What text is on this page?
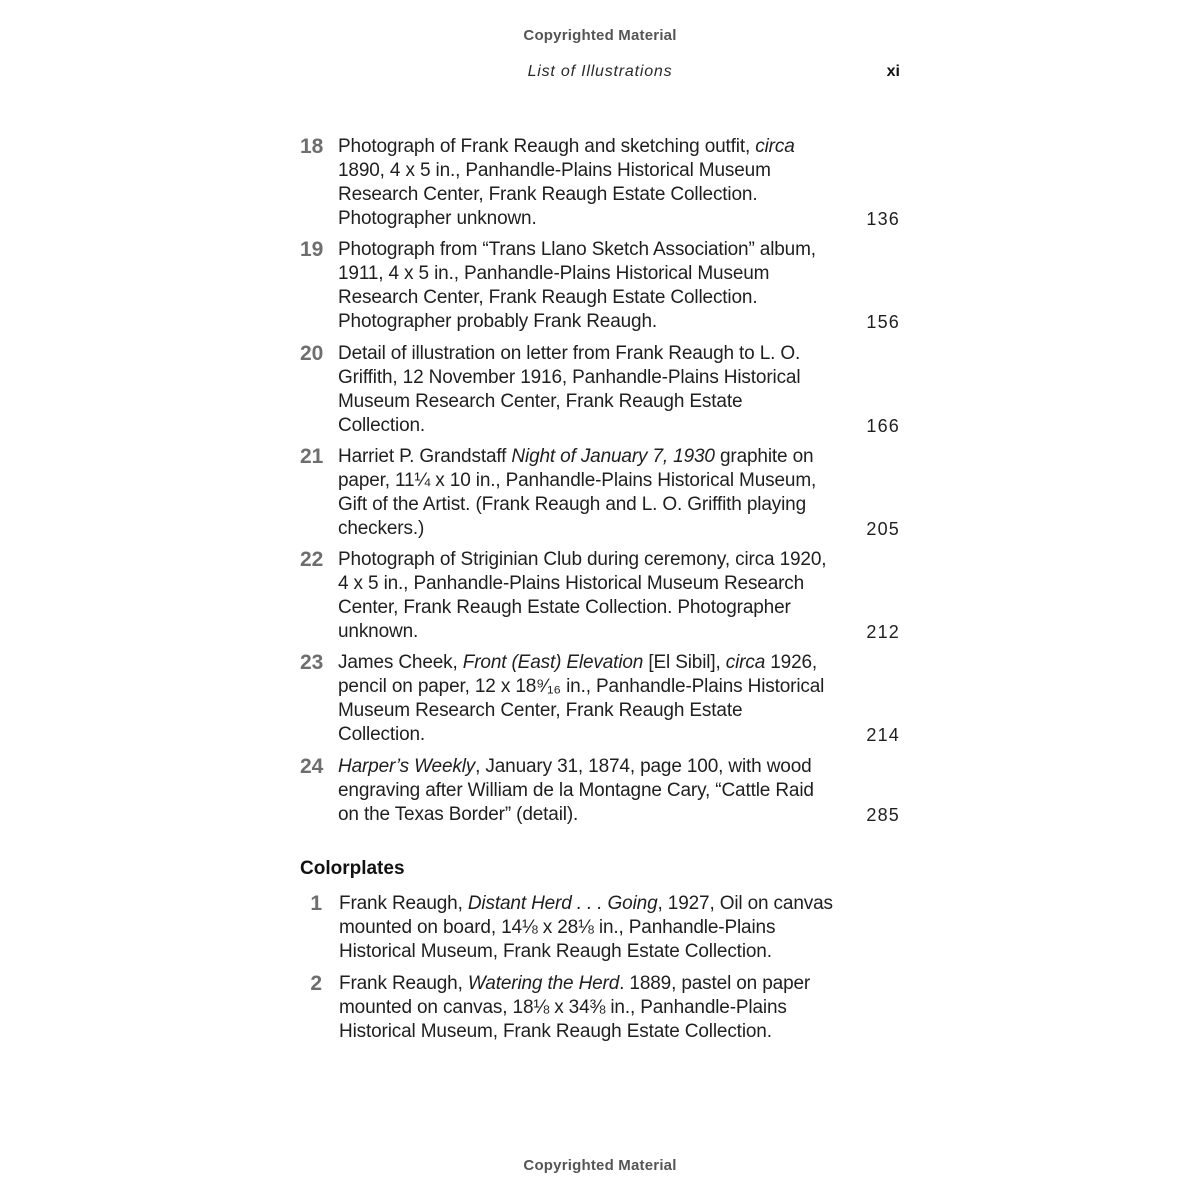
Copyrighted Material
List of Illustrations	xi
18 Photograph of Frank Reaugh and sketching outfit, circa 1890, 4 x 5 in., Panhandle-Plains Historical Museum Research Center, Frank Reaugh Estate Collection. Photographer unknown.	136
19 Photograph from “Trans Llano Sketch Association” album, 1911, 4 x 5 in., Panhandle-Plains Historical Museum Research Center, Frank Reaugh Estate Collection. Photographer probably Frank Reaugh.	156
20 Detail of illustration on letter from Frank Reaugh to L. O. Griffith, 12 November 1916, Panhandle-Plains Historical Museum Research Center, Frank Reaugh Estate Collection.	166
21 Harriet P. Grandstaff Night of January 7, 1930 graphite on paper, 11¼ x 10 in., Panhandle-Plains Historical Museum, Gift of the Artist. (Frank Reaugh and L. O. Griffith playing checkers.)	205
22 Photograph of Striginian Club during ceremony, circa 1920, 4 x 5 in., Panhandle-Plains Historical Museum Research Center, Frank Reaugh Estate Collection. Photographer unknown.	212
23 James Cheek, Front (East) Elevation [El Sibil], circa 1926, pencil on paper, 12 x 18⁹⁄₁₆ in., Panhandle-Plains Historical Museum Research Center, Frank Reaugh Estate Collection.	214
24 Harper’s Weekly, January 31, 1874, page 100, with wood engraving after William de la Montagne Cary, “Cattle Raid on the Texas Border” (detail).	285
Colorplates
1 Frank Reaugh, Distant Herd . . . Going, 1927, Oil on canvas mounted on board, 14⅛ x 28⅛ in., Panhandle-Plains Historical Museum, Frank Reaugh Estate Collection.
2 Frank Reaugh, Watering the Herd. 1889, pastel on paper mounted on canvas, 18⅛ x 34⅜ in., Panhandle-Plains Historical Museum, Frank Reaugh Estate Collection.
Copyrighted Material
